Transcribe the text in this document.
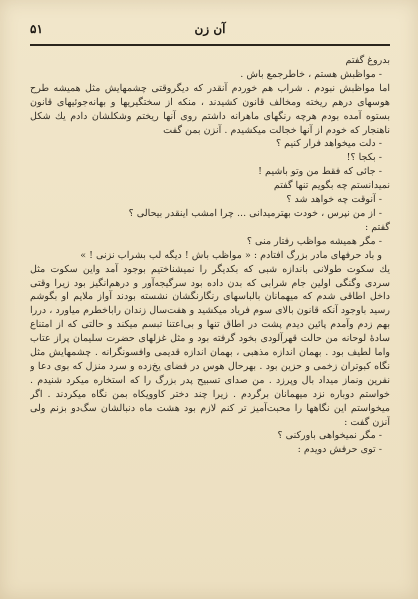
آن زن
۵۱

بدروغ گفتم

- مواظبش هستم ، خاطرجمع باش .

اما مواظبش نبودم . شراب هم خوردم آنقدر که دیگروقتی چشمهایش مثل همیشه طرح هوسهای درهم ریخته ومخالف قانون کشیدند ، منکه از سختگیریها و بهانه‌جوئیهای قانون بستوه آمده بودم هرچه رنگهای ماهرانه داشتم روی آنها ریختم وشکلشان دادم یك شکل ناهنجار که خودم از آنها خجالت میکشیدم . آنزن بمن گفت

- دلت میخواهد فرار کنیم ؟

- بکجا ؟!

- جائی که فقط من وتو باشیم !

نمیدانستم چه بگویم تنها گفتم

- آنوقت چه خواهد شد ؟

- از من نپرس ، خودت بهترمیدانی ... چرا امشب اینقدر بیحالی ؟

گفتم :

- مگر همیشه مواظب رفتار منی ؟

و باد حرفهای مادر بزرگ افتادم : « مواظب باش ! دیگه لب بشراب نزنی ! »

یك سکوت طولانی باندازه شبی که بکدیگر را نمیشناختیم بوجود آمد واین سکوت مثل سردی وگنگی اولین جام شرابی که بدن داده بود سرگیجه‌آور و درهم‌انگیز بود زیرا وقتی داخل اطاقی شدم که میهمانان بالباسهای رنگارنگشان نشسته بودند آواز ملایم او بگوشم رسید باوجود آنکه قانون بالای سوم فریاد میکشید و هفت‌سال زندان راباخطرم میاورد ، دررا بهم زدم وآمدم پائین دیدم پشت در اطاق تنها و بی‌اعتنا تبسم میکند و حالتی که از امتناع سادهٔ لوحانه من حالت قهرآلودی بخود گرفته بود و مثل غزلهای حضرت سلیمان پراز عتاب واما لطیف بود . بهمان اندازه مذهبی ، بهمان اندازه قدیمی وافسونگرانه . چشمهایش مثل نگاه کبوتران زخمی و حزین بود . بهرحال هوس در فضای یخ‌زده و سرد منزل که بوی دعا و نفرین ونماز میداد بال وپرزد . من صدای تسبیح پدر بزرگ را که استخاره میکرد شنیدم . خواستم دوباره نزد میهمانان برگردم . زیرا چند دختر کاوویکاه بمن نگاه میکردند . اگر میخواستم این نگاهها را محبت‌آمیز تر کنم لازم بود هشت ماه دنبالشان سگ‌دو بزنم ولی آنزن گفت :

- مگر نمیخواهی باورکنی ؟

- توی حرفش دویدم :
